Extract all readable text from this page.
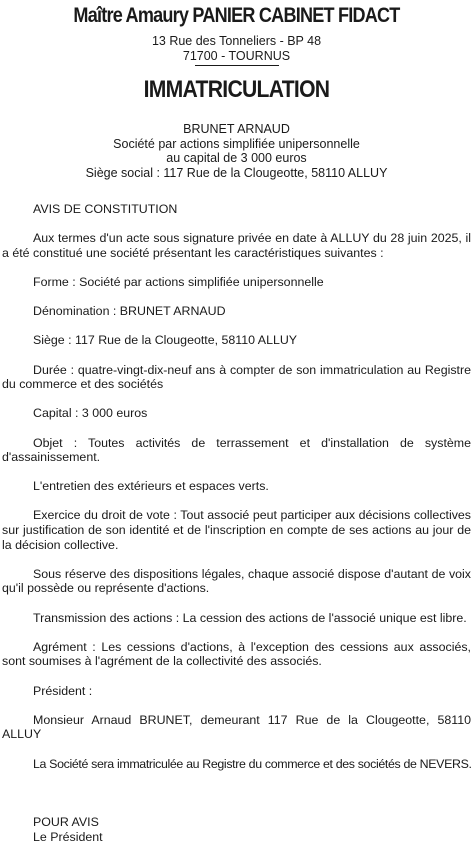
Maître Amaury PANIER CABINET FIDACT
13 Rue des Tonneliers - BP 48
71700 - TOURNUS
IMMATRICULATION
BRUNET ARNAUD
Société par actions simplifiée unipersonnelle
au capital de 3 000 euros
Siège social : 117 Rue de la Clougeotte, 58110 ALLUY

AVIS DE CONSTITUTION

Aux termes d'un acte sous signature privée en date à ALLUY du 28 juin 2025, il a été constitué une société présentant les caractéristiques suivantes :

Forme : Société par actions simplifiée unipersonnelle

Dénomination : BRUNET ARNAUD

Siège : 117 Rue de la Clougeotte, 58110 ALLUY

Durée : quatre-vingt-dix-neuf ans à compter de son immatriculation au Registre du commerce et des sociétés

Capital : 3 000 euros

Objet : Toutes activités de terrassement et d'installation de système d'assainissement.

L'entretien des extérieurs et espaces verts.

Exercice du droit de vote : Tout associé peut participer aux décisions collectives sur justification de son identité et de l'inscription en compte de ses actions au jour de la décision collective.

Sous réserve des dispositions légales, chaque associé dispose d'autant de voix qu'il possède ou représente d'actions.

Transmission des actions : La cession des actions de l'associé unique est libre.

Agrément : Les cessions d'actions, à l'exception des cessions aux associés, sont soumises à l'agrément de la collectivité des associés.

Président :

Monsieur Arnaud BRUNET, demeurant 117 Rue de la Clougeotte, 58110 ALLUY

La Société sera immatriculée au Registre du commerce et des sociétés de NEVERS.

POUR AVIS
Le Président
